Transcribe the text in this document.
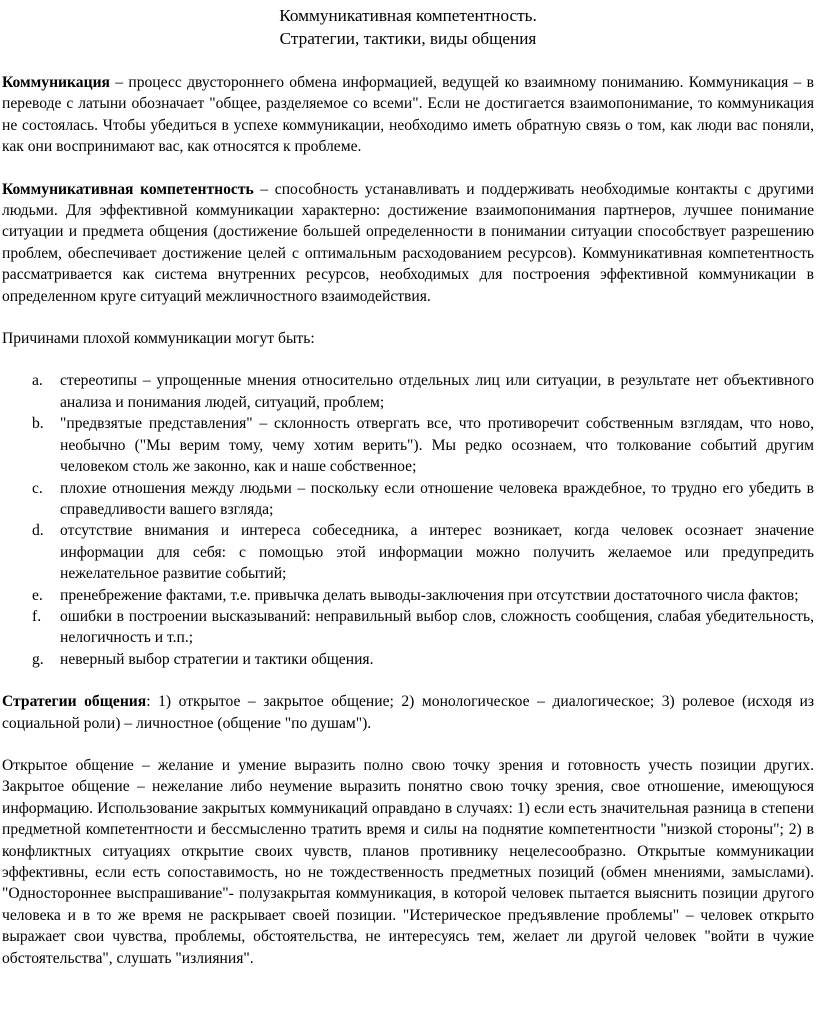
Коммуникативная компетентность.
Стратегии, тактики, виды общения

Коммуникация – процесс двустороннего обмена информацией, ведущей ко взаимному пониманию. Коммуникация – в переводе с латыни обозначает "общее, разделяемое со всеми". Если не достигается взаимопонимание, то коммуникация не состоялась. Чтобы убедиться в успехе коммуникации, необходимо иметь обратную связь о том, как люди вас поняли, как они воспринимают вас, как относятся к проблеме.

Коммуникативная компетентность – способность устанавливать и поддерживать необходимые контакты с другими людьми. Для эффективной коммуникации характерно: достижение взаимопонимания партнеров, лучшее понимание ситуации и предмета общения (достижение большей определенности в понимании ситуации способствует разрешению проблем, обеспечивает достижение целей с оптимальным расходованием ресурсов). Коммуникативная компетентность рассматривается как система внутренних ресурсов, необходимых для построения эффективной коммуникации в определенном круге ситуаций межличностного взаимодействия.

Причинами плохой коммуникации могут быть:

a. стереотипы – упрощенные мнения относительно отдельных лиц или ситуации, в результате нет объективного анализа и понимания людей, ситуаций, проблем;
b. "предвзятые представления" – склонность отвергать все, что противоречит собственным взглядам, что ново, необычно ("Мы верим тому, чему хотим верить"). Мы редко осознаем, что толкование событий другим человеком столь же законно, как и наше собственное;
c. плохие отношения между людьми – поскольку если отношение человека враждебное, то трудно его убедить в справедливости вашего взгляда;
d. отсутствие внимания и интереса собеседника, а интерес возникает, когда человек осознает значение информации для себя: с помощью этой информации можно получить желаемое или предупредить нежелательное развитие событий;
e. пренебрежение фактами, т.е. привычка делать выводы-заключения при отсутствии достаточного числа фактов;
f. ошибки в построении высказываний: неправильный выбор слов, сложность сообщения, слабая убедительность, нелогичность и т.п.;
g. неверный выбор стратегии и тактики общения.

Стратегии общения: 1) открытое – закрытое общение; 2) монологическое – диалогическое; 3) ролевое (исходя из социальной роли) – личностное (общение "по душам").

Открытое общение – желание и умение выразить полно свою точку зрения и готовность учесть позиции других. Закрытое общение – нежелание либо неумение выразить понятно свою точку зрения, свое отношение, имеющуюся информацию. Использование закрытых коммуникаций оправдано в случаях: 1) если есть значительная разница в степени предметной компетентности и бессмысленно тратить время и силы на поднятие компетентности "низкой стороны"; 2) в конфликтных ситуациях открытие своих чувств, планов противнику нецелесообразно. Открытые коммуникации эффективны, если есть сопоставимость, но не тождественность предметных позиций (обмен мнениями, замыслами). "Одностороннее выспрашивание"- полузакрытая коммуникация, в которой человек пытается выяснить позиции другого человека и в то же время не раскрывает своей позиции. "Истерическое предъявление проблемы" – человек открыто выражает свои чувства, проблемы, обстоятельства, не интересуясь тем, желает ли другой человек "войти в чужие обстоятельства", слушать "излияния".
